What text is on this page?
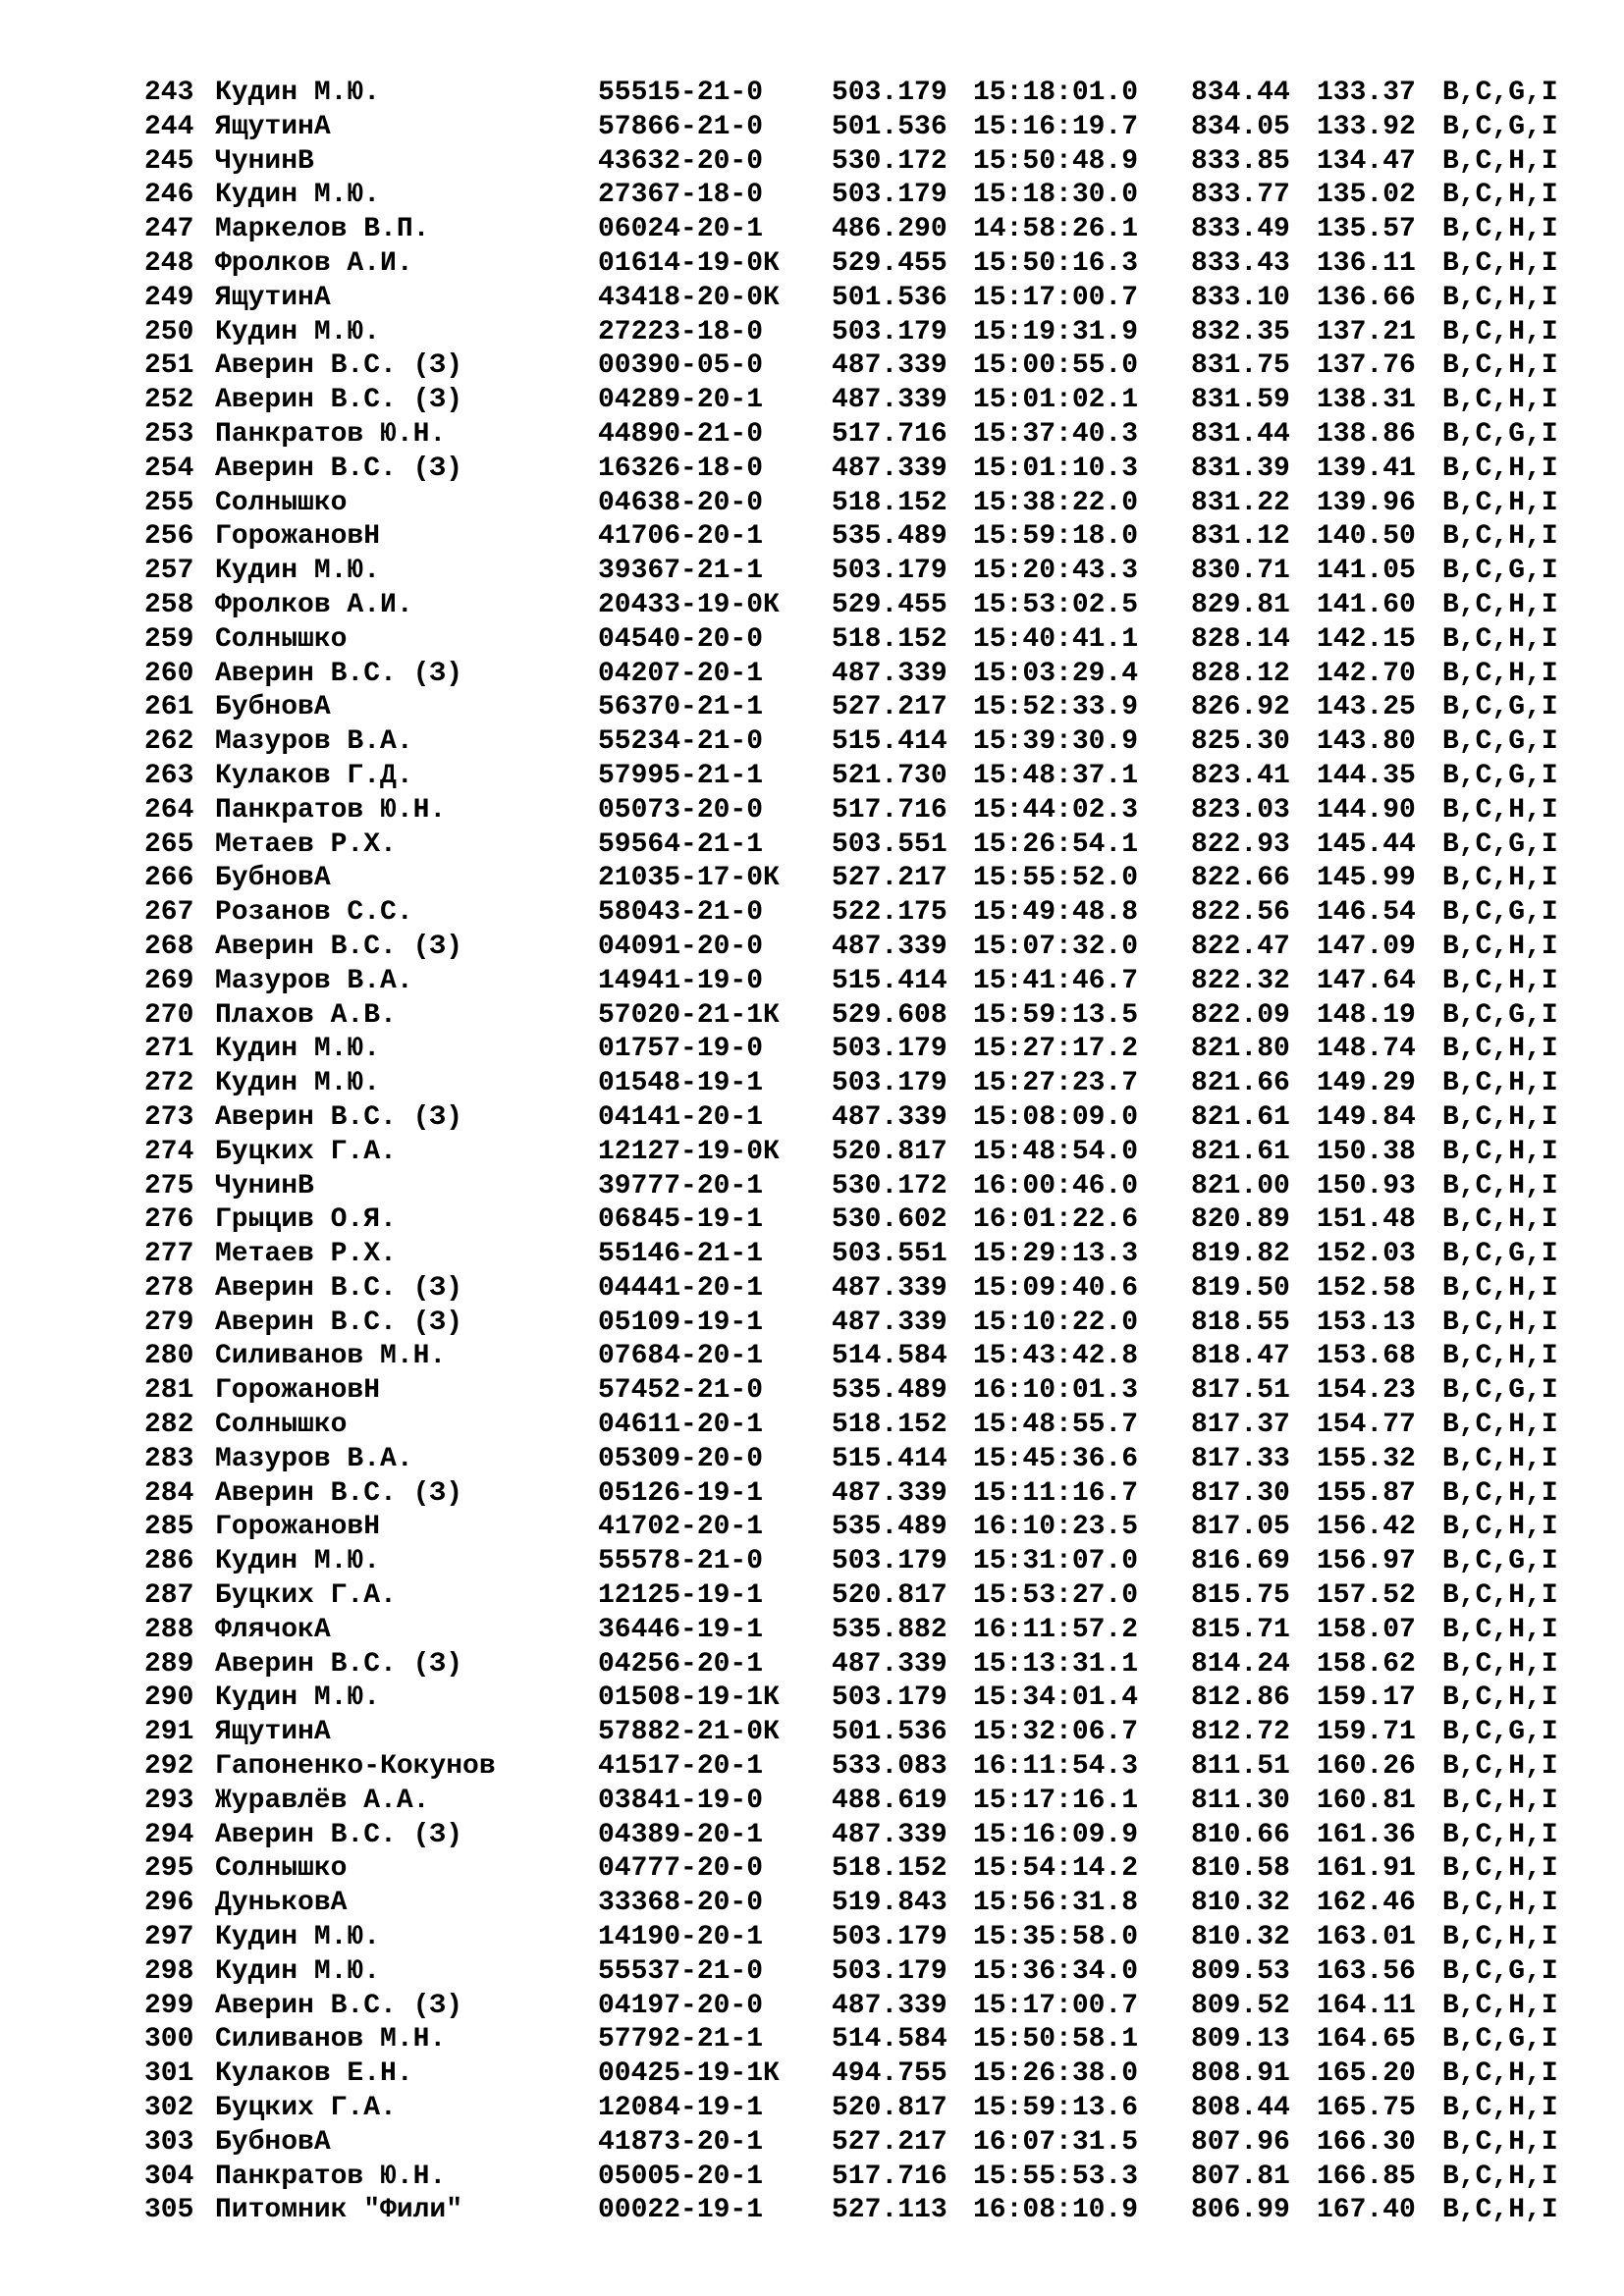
243 Кудин М.Ю.	55515-21-0	503.179 15:18:01.0	834.44 133.37 B,C,G,I
244 ЯщутинА	57866-21-0	501.536 15:16:19.7	834.05 133.92 B,C,G,I
245 ЧунинВ	43632-20-0	530.172 15:50:48.9	833.85 134.47 B,C,H,I
246 Кудин М.Ю.	27367-18-0	503.179 15:18:30.0	833.77 135.02 B,C,H,I
247 Маркелов В.П.	06024-20-1	486.290 14:58:26.1	833.49 135.57 B,C,H,I
248 Фролков А.И.	01614-19-0К	529.455 15:50:16.3	833.43 136.11 B,C,H,I
249 ЯщутинА	43418-20-0К	501.536 15:17:00.7	833.10 136.66 B,C,H,I
250 Кудин М.Ю.	27223-18-0	503.179 15:19:31.9	832.35 137.21 B,C,H,I
251 Аверин В.С. (З)	00390-05-0	487.339 15:00:55.0	831.75 137.76 B,C,H,I
252 Аверин В.С. (З)	04289-20-1	487.339 15:01:02.1	831.59 138.31 B,C,H,I
253 Панкратов Ю.Н.	44890-21-0	517.716 15:37:40.3	831.44 138.86 B,C,G,I
254 Аверин В.С. (З)	16326-18-0	487.339 15:01:10.3	831.39 139.41 B,C,H,I
255 Солнышко	04638-20-0	518.152 15:38:22.0	831.22 139.96 B,C,H,I
256 ГорожановН	41706-20-1	535.489 15:59:18.0	831.12 140.50 B,C,H,I
257 Кудин М.Ю.	39367-21-1	503.179 15:20:43.3	830.71 141.05 B,C,G,I
258 Фролков А.И.	20433-19-0К	529.455 15:53:02.5	829.81 141.60 B,C,H,I
259 Солнышко	04540-20-0	518.152 15:40:41.1	828.14 142.15 B,C,H,I
260 Аверин В.С. (З)	04207-20-1	487.339 15:03:29.4	828.12 142.70 B,C,H,I
261 БубновА	56370-21-1	527.217 15:52:33.9	826.92 143.25 B,C,G,I
262 Мазуров В.А.	55234-21-0	515.414 15:39:30.9	825.30 143.80 B,C,G,I
263 Кулаков Г.Д.	57995-21-1	521.730 15:48:37.1	823.41 144.35 B,C,G,I
264 Панкратов Ю.Н.	05073-20-0	517.716 15:44:02.3	823.03 144.90 B,C,H,I
265 Метаев Р.Х.	59564-21-1	503.551 15:26:54.1	822.93 145.44 B,C,G,I
266 БубновА	21035-17-0К	527.217 15:55:52.0	822.66 145.99 B,C,H,I
267 Розанов С.С.	58043-21-0	522.175 15:49:48.8	822.56 146.54 B,C,G,I
268 Аверин В.С. (З)	04091-20-0	487.339 15:07:32.0	822.47 147.09 B,C,H,I
269 Мазуров В.А.	14941-19-0	515.414 15:41:46.7	822.32 147.64 B,C,H,I
270 Плахов А.В.	57020-21-1К	529.608 15:59:13.5	822.09 148.19 B,C,G,I
271 Кудин М.Ю.	01757-19-0	503.179 15:27:17.2	821.80 148.74 B,C,H,I
272 Кудин М.Ю.	01548-19-1	503.179 15:27:23.7	821.66 149.29 B,C,H,I
273 Аверин В.С. (З)	04141-20-1	487.339 15:08:09.0	821.61 149.84 B,C,H,I
274 Буцких Г.А.	12127-19-0К	520.817 15:48:54.0	821.61 150.38 B,C,H,I
275 ЧунинВ	39777-20-1	530.172 16:00:46.0	821.00 150.93 B,C,H,I
276 Грыцив О.Я.	06845-19-1	530.602 16:01:22.6	820.89 151.48 B,C,H,I
277 Метаев Р.Х.	55146-21-1	503.551 15:29:13.3	819.82 152.03 B,C,G,I
278 Аверин В.С. (З)	04441-20-1	487.339 15:09:40.6	819.50 152.58 B,C,H,I
279 Аверин В.С. (З)	05109-19-1	487.339 15:10:22.0	818.55 153.13 B,C,H,I
280 Силиванов М.Н.	07684-20-1	514.584 15:43:42.8	818.47 153.68 B,C,H,I
281 ГорожановН	57452-21-0	535.489 16:10:01.3	817.51 154.23 B,C,G,I
282 Солнышко	04611-20-1	518.152 15:48:55.7	817.37 154.77 B,C,H,I
283 Мазуров В.А.	05309-20-0	515.414 15:45:36.6	817.33 155.32 B,C,H,I
284 Аверин В.С. (З)	05126-19-1	487.339 15:11:16.7	817.30 155.87 B,C,H,I
285 ГорожановН	41702-20-1	535.489 16:10:23.5	817.05 156.42 B,C,H,I
286 Кудин М.Ю.	55578-21-0	503.179 15:31:07.0	816.69 156.97 B,C,G,I
287 Буцких Г.А.	12125-19-1	520.817 15:53:27.0	815.75 157.52 B,C,H,I
288 ФлячокА	36446-19-1	535.882 16:11:57.2	815.71 158.07 B,C,H,I
289 Аверин В.С. (З)	04256-20-1	487.339 15:13:31.1	814.24 158.62 B,C,H,I
290 Кудин М.Ю.	01508-19-1К	503.179 15:34:01.4	812.86 159.17 B,C,H,I
291 ЯщутинА	57882-21-0К	501.536 15:32:06.7	812.72 159.71 B,C,G,I
292 Гапоненко-Кокунов	41517-20-1	533.083 16:11:54.3	811.51 160.26 B,C,H,I
293 Журавлёв А.А.	03841-19-0	488.619 15:17:16.1	811.30 160.81 B,C,H,I
294 Аверин В.С. (З)	04389-20-1	487.339 15:16:09.9	810.66 161.36 B,C,H,I
295 Солнышко	04777-20-0	518.152 15:54:14.2	810.58 161.91 B,C,H,I
296 ДуньковА	33368-20-0	519.843 15:56:31.8	810.32 162.46 B,C,H,I
297 Кудин М.Ю.	14190-20-1	503.179 15:35:58.0	810.32 163.01 B,C,H,I
298 Кудин М.Ю.	55537-21-0	503.179 15:36:34.0	809.53 163.56 B,C,G,I
299 Аверин В.С. (З)	04197-20-0	487.339 15:17:00.7	809.52 164.11 B,C,H,I
300 Силиванов М.Н.	57792-21-1	514.584 15:50:58.1	809.13 164.65 B,C,G,I
301 Кулаков Е.Н.	00425-19-1К	494.755 15:26:38.0	808.91 165.20 B,C,H,I
302 Буцких Г.А.	12084-19-1	520.817 15:59:13.6	808.44 165.75 B,C,H,I
303 БубновА	41873-20-1	527.217 16:07:31.5	807.96 166.30 B,C,H,I
304 Панкратов Ю.Н.	05005-20-1	517.716 15:55:53.3	807.81 166.85 B,C,H,I
305 Питомник "Фили"	00022-19-1	527.113 16:08:10.9	806.99 167.40 B,C,H,I
